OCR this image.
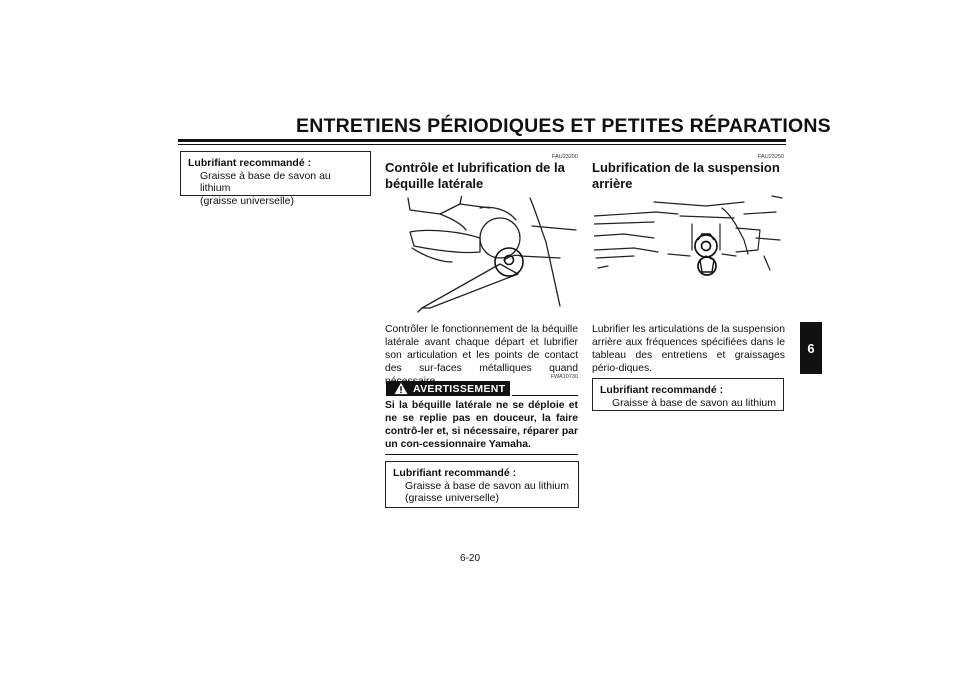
ENTRETIENS PÉRIODIQUES ET PETITES RÉPARATIONS
Lubrifiant recommandé :
Graisse à base de savon au lithium
(graisse universelle)
FAU23200
Contrôle et lubrification de la
béquille latérale
Contrôler le fonctionnement de la béquille latérale avant chaque départ et lubrifier son articulation et les points de contact des sur-faces métalliques quand
FWA10730
AVERTISSEMENT
Si la béquille latérale ne se déploie et ne se replie pas en douceur, la faire contrô-ler et, si nécessaire, réparer par un con-cessionnaire Yamaha.
Lubrifiant recommandé :
Graisse à base de savon au lithium
(graisse universelle)
FAU23250
Lubrification de la suspension
arrière
Lubrifier les articulations de la suspension arrière aux fréquences spécifiées dans le tableau des entretiens et graissages pério-diques.
Lubrifiant recommandé :
Graisse à base de savon au lithium
6
6-20
